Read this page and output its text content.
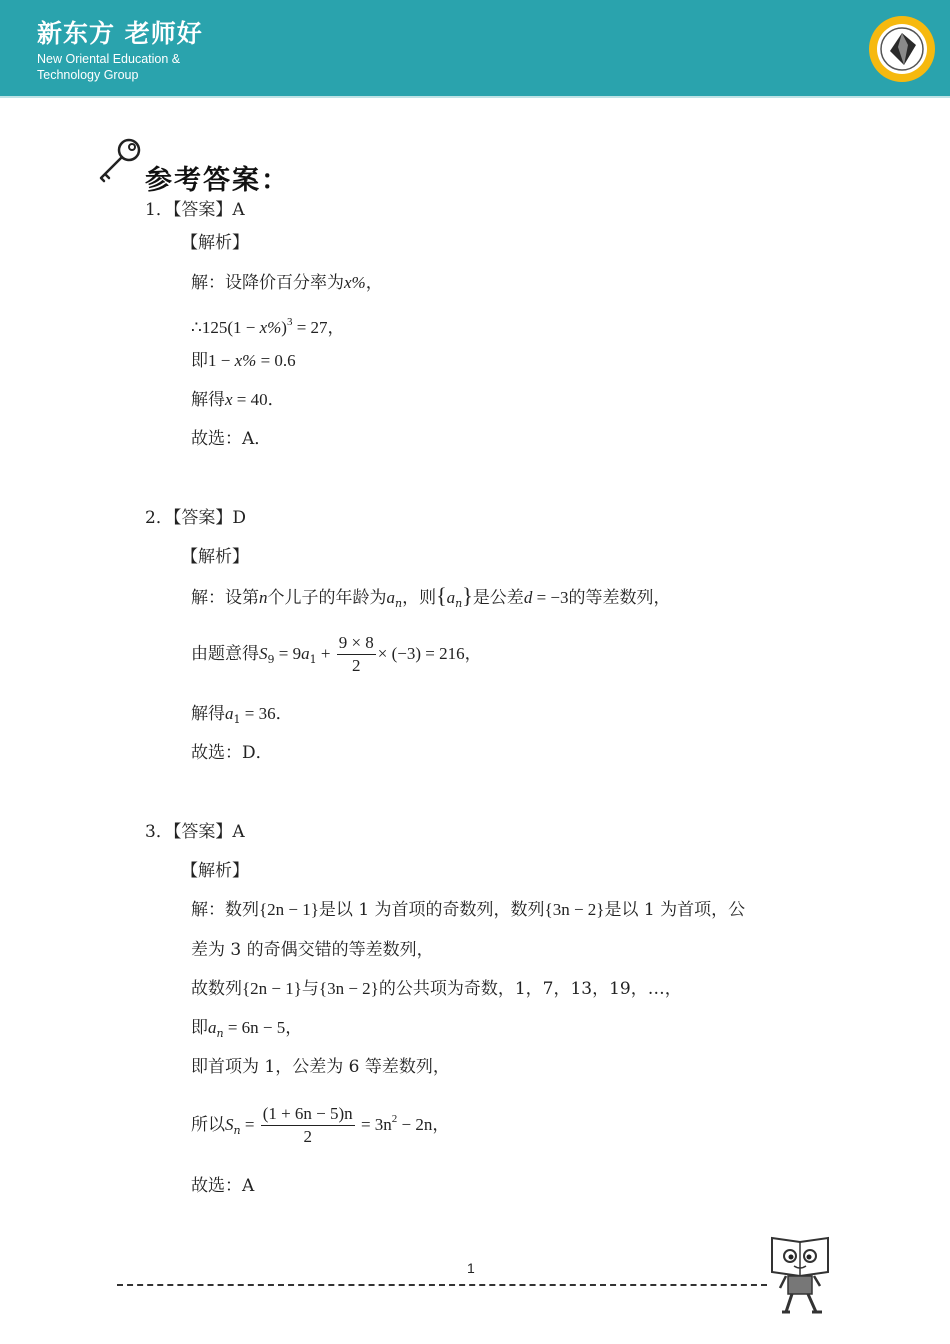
新东方 老师好
New Oriental Education &
Technology Group
参考答案：
1．【答案】A
【解析】
解：设降价百分率为x%，
∴125(1 − x%)$^3$ = 27，
即1 − x% = 0.6
解得x = 40．
故选：A．
2．【答案】D
【解析】
解：设第n个儿子的年龄为$a_n$，则$\{a_n\}$是公差d = −3的等差数列，
由题意得$S_9 = 9a_1 + \frac{9 \times 8}{2} \times (-3) = 216$，
解得$a_1 = 36$．
故选：D．
3．【答案】A
【解析】
解：数列{2n − 1}是以 1 为首项的奇数列，数列{3n − 2}是以 1 为首项，公
差为 3 的奇偶交错的等差数列，
故数列{2n − 1}与{3n − 2}的公共项为奇数，1，7，13，19，…，
即$a_n = 6n - 5$，
即首项为 1，公差为 6 等差数列，
所以$S_n = \frac{(1 + 6n - 5)n}{2} = 3n^2 - 2n$，
故选：A
1
